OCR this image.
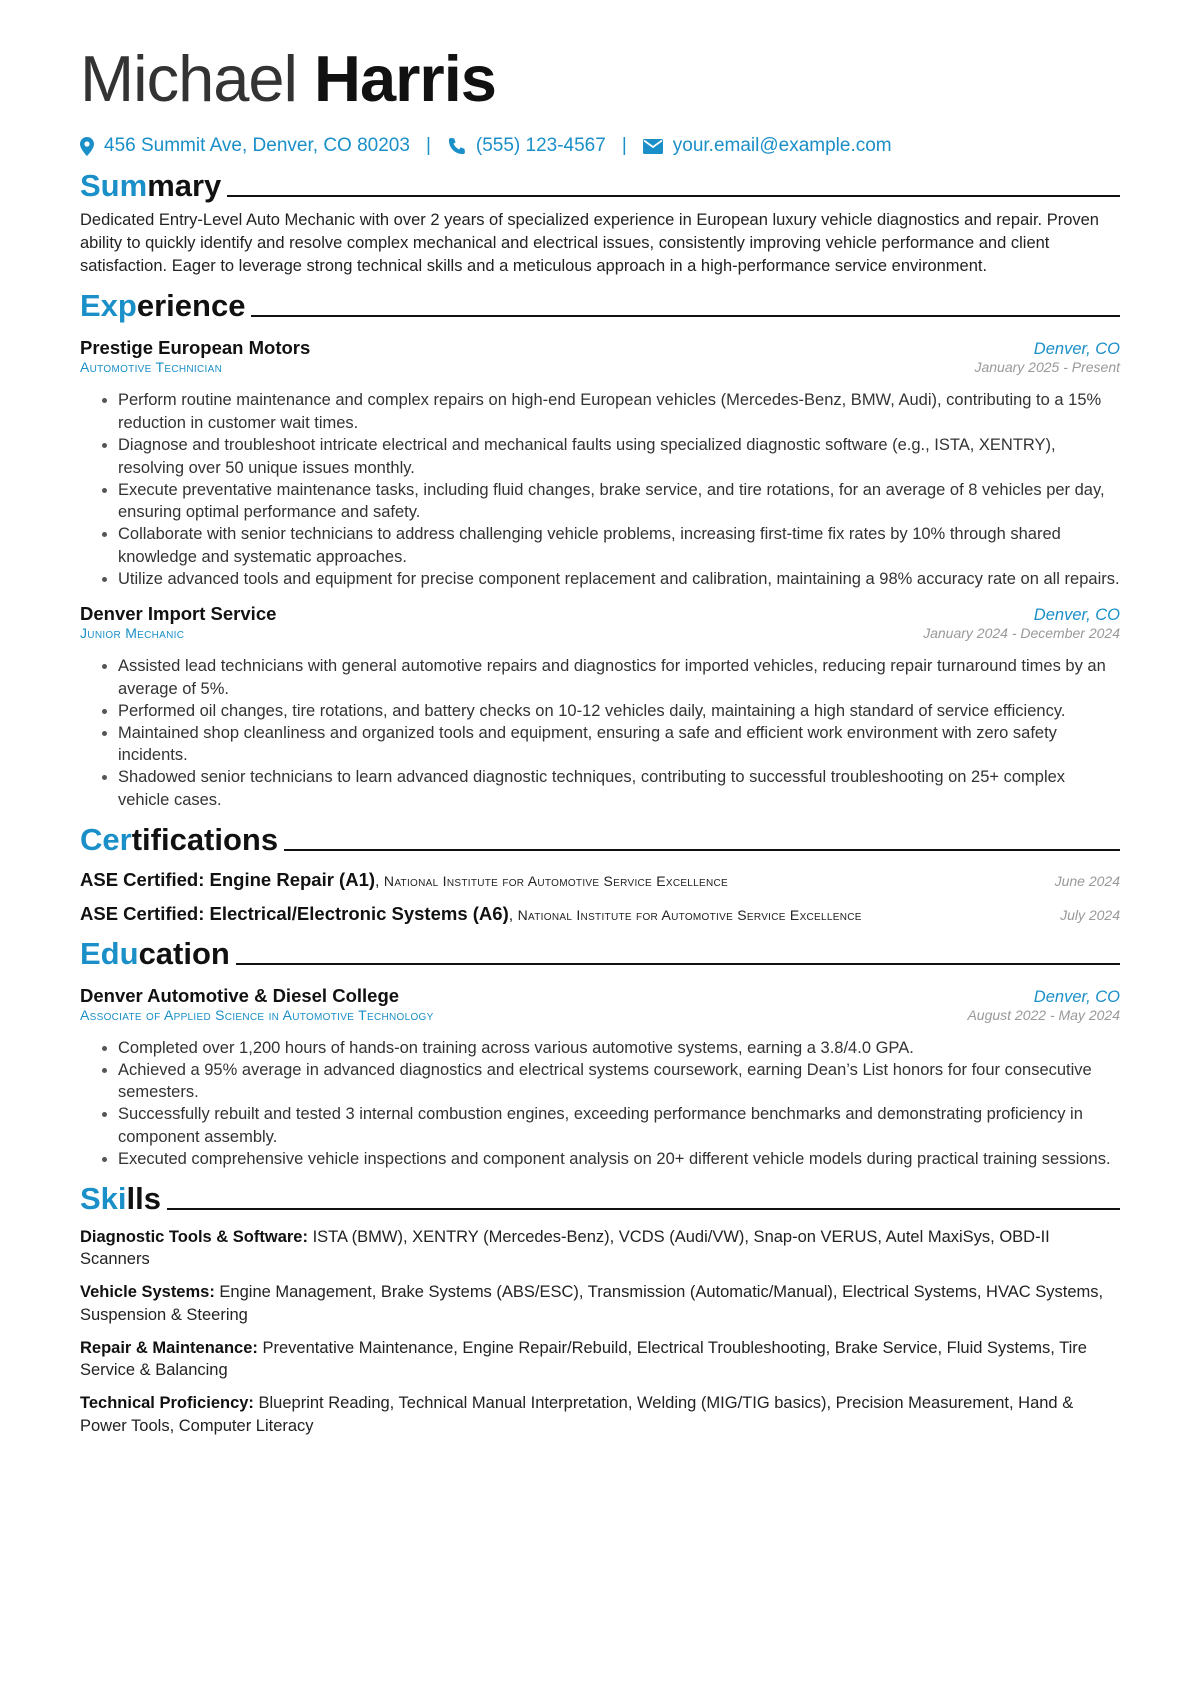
Michael Harris
456 Summit Ave, Denver, CO 80203 | (555) 123-4567 | your.email@example.com
Summary

Dedicated Entry-Level Auto Mechanic with over 2 years of specialized experience in European luxury vehicle diagnostics and repair. Proven ability to quickly identify and resolve complex mechanical and electrical issues, consistently improving vehicle performance and client satisfaction. Eager to leverage strong technical skills and a meticulous approach in a high-performance service environment.

Experience
Prestige European Motors	Denver, CO
Automotive Technician	January 2025 - Present
• Perform routine maintenance and complex repairs on high-end European vehicles (Mercedes-Benz, BMW, Audi), contributing to a 15% reduction in customer wait times.
• Diagnose and troubleshoot intricate electrical and mechanical faults using specialized diagnostic software (e.g., ISTA, XENTRY), resolving over 50 unique issues monthly.
• Execute preventative maintenance tasks, including fluid changes, brake service, and tire rotations, for an average of 8 vehicles per day, ensuring optimal performance and safety.
• Collaborate with senior technicians to address challenging vehicle problems, increasing first-time fix rates by 10% through shared knowledge and systematic approaches.
• Utilize advanced tools and equipment for precise component replacement and calibration, maintaining a 98% accuracy rate on all repairs.
Denver Import Service	Denver, CO
Junior Mechanic	January 2024 - December 2024
• Assisted lead technicians with general automotive repairs and diagnostics for imported vehicles, reducing repair turnaround times by an average of 5%.
• Performed oil changes, tire rotations, and battery checks on 10-12 vehicles daily, maintaining a high standard of service efficiency.
• Maintained shop cleanliness and organized tools and equipment, ensuring a safe and efficient work environment with zero safety incidents.
• Shadowed senior technicians to learn advanced diagnostic techniques, contributing to successful troubleshooting on 25+ complex vehicle cases.
Certifications
ASE Certified: Engine Repair (A1), National Institute for Automotive Service Excellence	June 2024
ASE Certified: Electrical/Electronic Systems (A6), National Institute for Automotive Service Excellence	July 2024
Education
Denver Automotive & Diesel College	Denver, CO
Associate of Applied Science in Automotive Technology	August 2022 - May 2024
• Completed over 1,200 hours of hands-on training across various automotive systems, earning a 3.8/4.0 GPA.
• Achieved a 95% average in advanced diagnostics and electrical systems coursework, earning Dean’s List honors for four consecutive semesters.
• Successfully rebuilt and tested 3 internal combustion engines, exceeding performance benchmarks and demonstrating proficiency in component assembly.
• Executed comprehensive vehicle inspections and component analysis on 20+ different vehicle models during practical training sessions.
Skills
Diagnostic Tools & Software: ISTA (BMW), XENTRY (Mercedes-Benz), VCDS (Audi/VW), Snap-on VERUS, Autel MaxiSys, OBD-II Scanners
Vehicle Systems: Engine Management, Brake Systems (ABS/ESC), Transmission (Automatic/Manual), Electrical Systems, HVAC Systems, Suspension & Steering
Repair & Maintenance: Preventative Maintenance, Engine Repair/Rebuild, Electrical Troubleshooting, Brake Service, Fluid Systems, Tire Service & Balancing
Technical Proficiency: Blueprint Reading, Technical Manual Interpretation, Welding (MIG/TIG basics), Precision Measurement, Hand & Power Tools, Computer Literacy
